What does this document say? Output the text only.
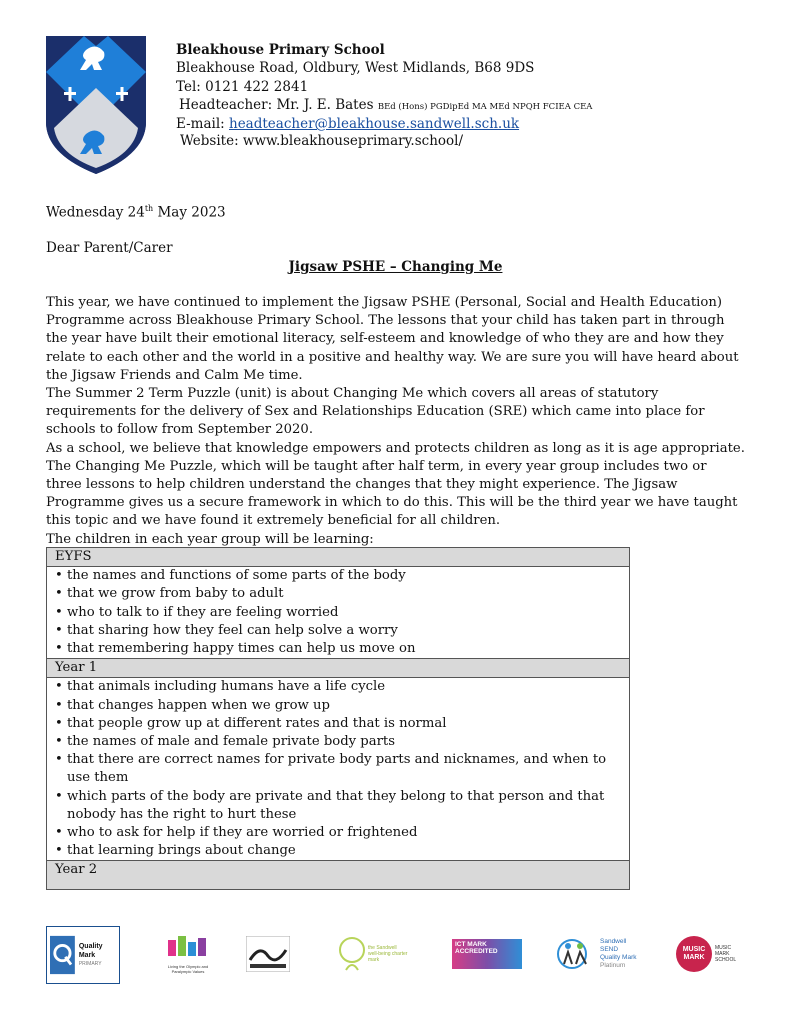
Bleakhouse Primary School
Bleakhouse Road, Oldbury, West Midlands, B68 9DS
Tel: 0121 422 2841
Headteacher: Mr. J. E. Bates BEd (Hons) PGDipEd MA MEd NPQH FCIEA CEA
E-mail: headteacher@bleakhouse.sandwell.sch.uk
Website: www.bleakhouseprimary.school/
Wednesday 24th May 2023
Dear Parent/Carer
Jigsaw PSHE – Changing Me

This year, we have continued to implement the Jigsaw PSHE (Personal, Social and Health Education) Programme across Bleakhouse Primary School. The lessons that your child has taken part in through the year have built their emotional literacy, self-esteem and knowledge of who they are and how they relate to each other and the world in a positive and healthy way. We are sure you will have heard about the Jigsaw Friends and Calm Me time.

The Summer 2 Term Puzzle (unit) is about Changing Me which covers all areas of statutory requirements for the delivery of Sex and Relationships Education (SRE) which came into place for schools to follow from September 2020.

As a school, we believe that knowledge empowers and protects children as long as it is age appropriate. The Changing Me Puzzle, which will be taught after half term, in every year group includes two or three lessons to help children understand the changes that they might experience. The Jigsaw Programme gives us a secure framework in which to do this. This will be the third year we have taught this topic and we have found it extremely beneficial for all children.

The children in each year group will be learning:

EYFS

• the names and functions of some parts of the body
• that we grow from baby to adult
• who to talk to if they are feeling worried
• that sharing how they feel can help solve a worry
• that remembering happy times can help us move on

Year 1

• that animals including humans have a life cycle
• that changes happen when we grow up
• that people grow up at different rates and that is normal
• the names of male and female private body parts
• that there are correct names for private body parts and nicknames, and when to use them
• which parts of the body are private and that they belong to that person and that nobody has the right to hurt these
• who to ask for help if they are worried or frightened
• that learning brings about change

Year 2
Quality Mark
PRIMARY	Living the Olympic and Paralympic Values
the Sandwell well-being charter mark
ICT MARK ACCREDITED
Sandwell
SEND
Quality Mark
Platinum
MUSIC
MARK
MUSIC MARK SCHOOL
